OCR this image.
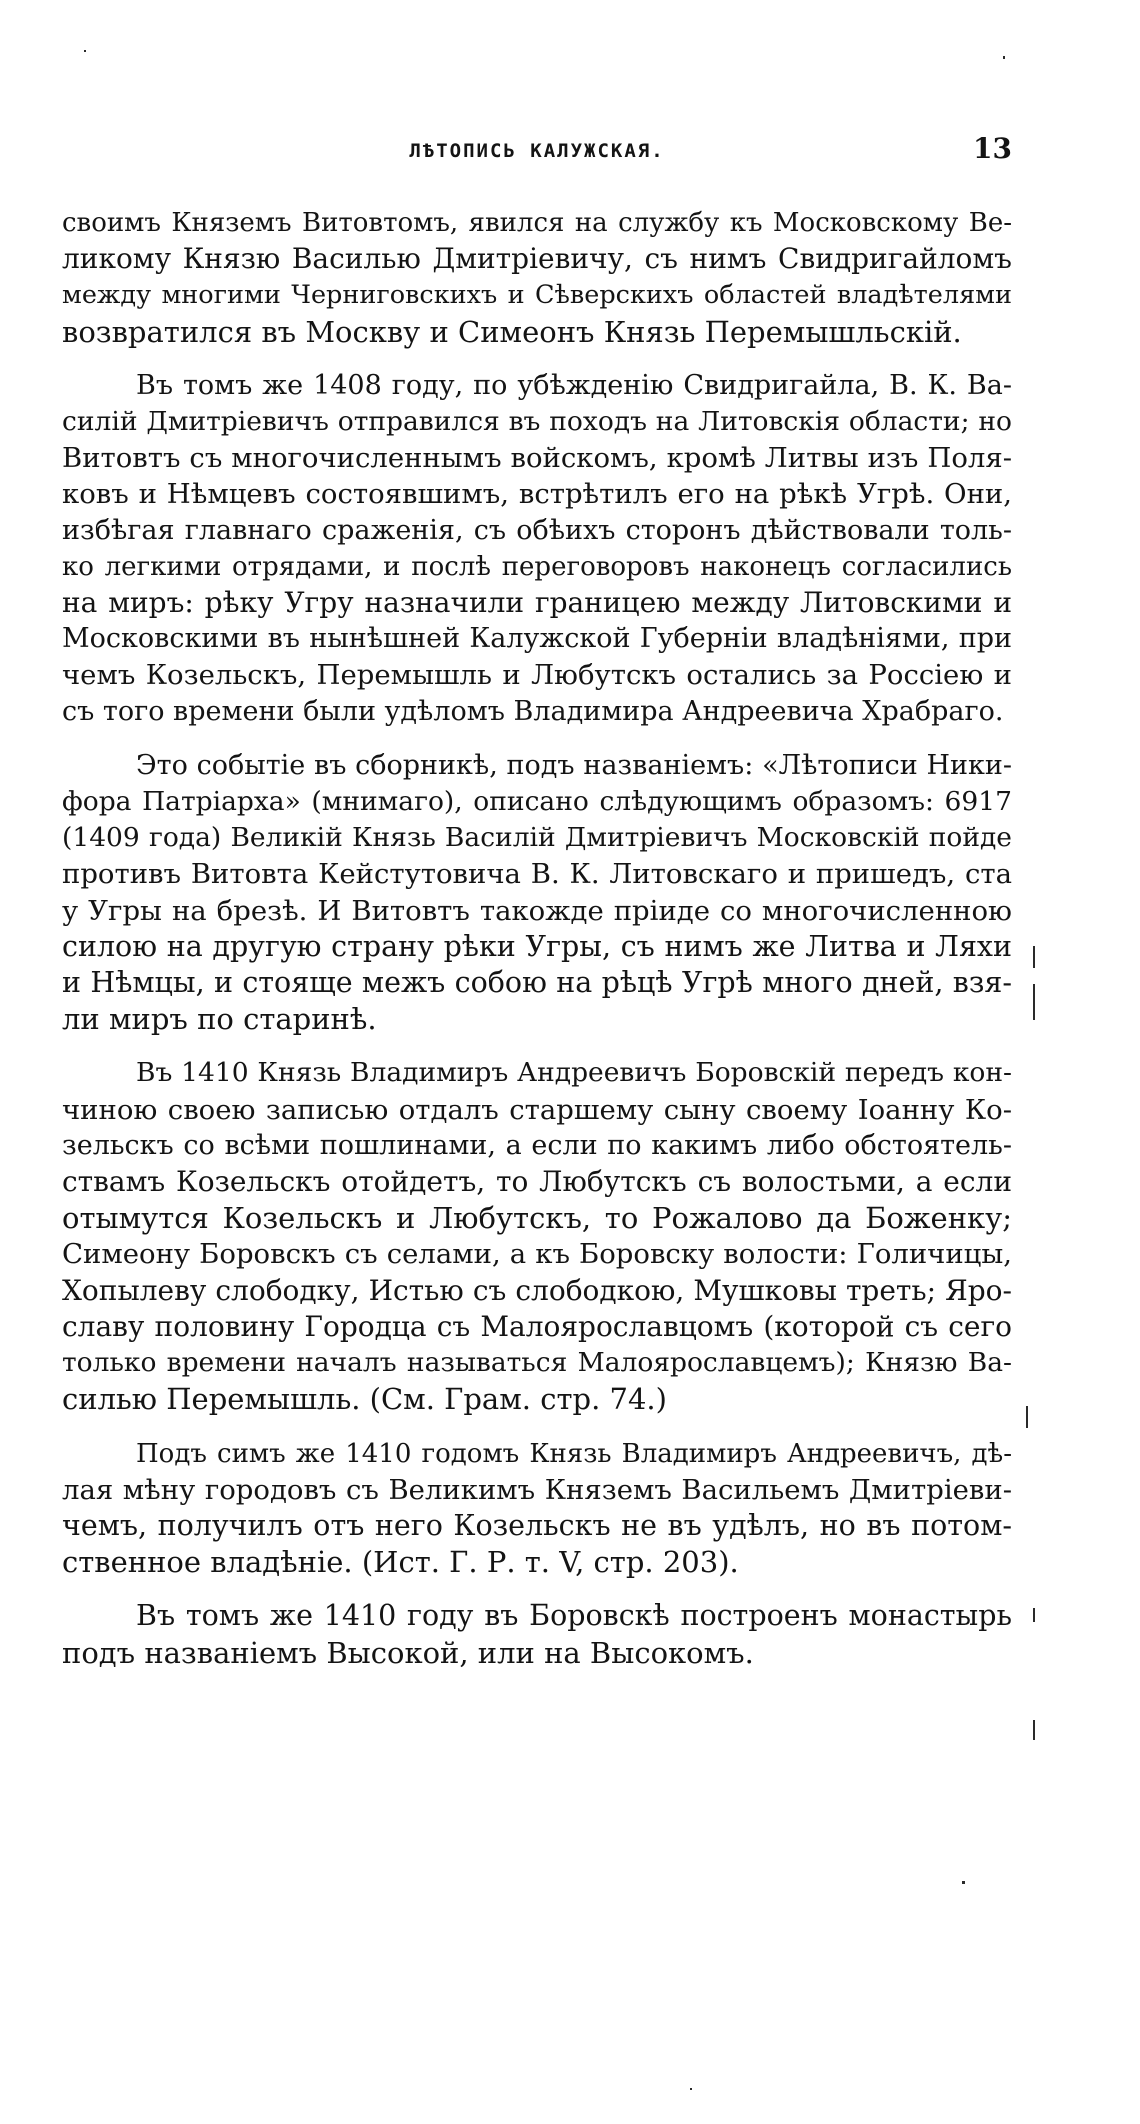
ЛѢТОПИСЬ КАЛУЖСКАЯ.	13

своимъ Княземъ Витовтомъ, явился на службу къ Московскому Ве-
ликому Князю Василью Дмитріевичу, съ нимъ Свидригайломъ
между многими Черниговскихъ и Сѣверскихъ областей владѣтелями
возвратился въ Москву и Симеонъ Князь Перемышльскій.

Въ томъ же 1408 году, по убѣжденію Свидригайла, В. К. Ва-
силій Дмитріевичъ отправился въ походъ на Литовскія области; но
Витовтъ съ многочисленнымъ войскомъ, кромѣ Литвы изъ Поля-
ковъ и Нѣмцевъ состоявшимъ, встрѣтилъ его на рѣкѣ Угрѣ. Они,
избѣгая главнаго сраженія, съ обѣихъ сторонъ дѣйствовали толь-
ко легкими отрядами, и послѣ переговоровъ наконецъ согласились
на миръ: рѣку Угру назначили границею между Литовскими и
Московскими въ нынѣшней Калужской Губерніи владѣніями, при
чемъ Козельскъ, Перемышль и Любутскъ остались за Россіею и
съ того времени были удѣломъ Владимира Андреевича Храбраго.

Это событіе въ сборникѣ, подъ названіемъ: «Лѣтописи Ники-
фора Патріарха» (мнимаго), описано слѣдующимъ образомъ: 6917
(1409 года) Великій Князь Василій Дмитріевичъ Московскій пойде
противъ Витовта Кейстутовича В. К. Литовскаго и пришедъ, ста
у Угры на брезѣ. И Витовтъ такожде пріиде со многочисленною
силою на другую страну рѣки Угры, съ нимъ же Литва и Ляхи
и Нѣмцы, и стояще межъ собою на рѣцѣ Угрѣ много дней, взя-
ли миръ по старинѣ.

Въ 1410 Князь Владимиръ Андреевичъ Боровскій передъ кон-
чиною своею записью отдалъ старшему сыну своему Іоанну Ко-
зельскъ со всѣми пошлинами, а если по какимъ либо обстоятель-
ствамъ Козельскъ отойдетъ, то Любутскъ съ волостьми, а если
отымутся Козельскъ и Любутскъ, то Рожалово да Боженку;
Симеону Боровскъ съ селами, а къ Боровску волости: Голичицы,
Хопылеву слободку, Истью съ слободкою, Мушковы треть; Яро-
славу половину Городца съ Малоярославцомъ (которой съ сего
только времени началъ называться Малоярославцемъ); Князю Ва-
силью Перемышль. (См. Грам. стр. 74.)

Подъ симъ же 1410 годомъ Князь Владимиръ Андреевичъ, дѣ-
лая мѣну городовъ съ Великимъ Княземъ Васильемъ Дмитріеви-
чемъ, получилъ отъ него Козельскъ не въ удѣлъ, но въ потом-
ственное владѣніе. (Ист. Г. Р. т. V, стр. 203).

Въ томъ же 1410 году въ Боровскѣ построенъ монастырь
подъ названіемъ Высокой, или на Высокомъ.
